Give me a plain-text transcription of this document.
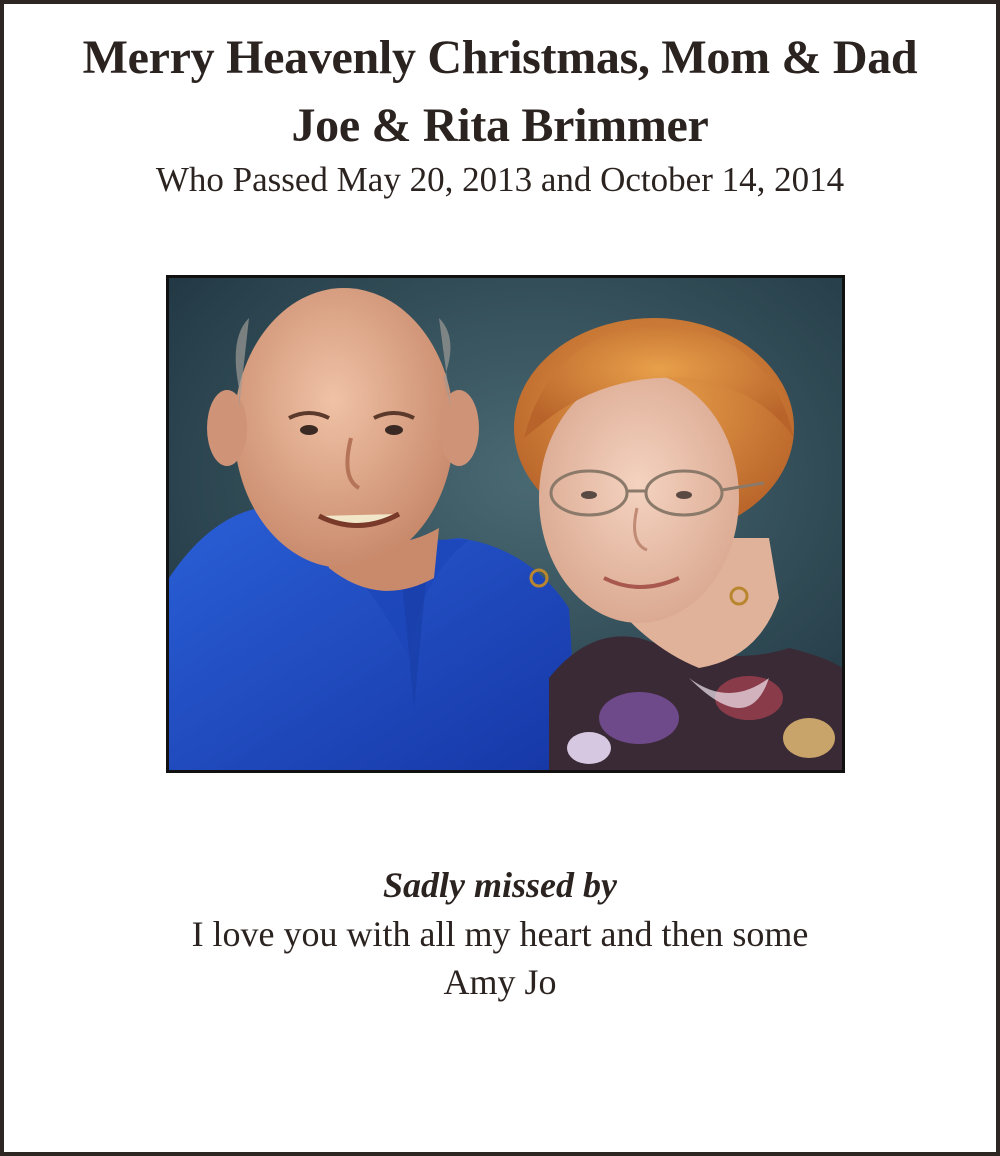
Merry Heavenly Christmas, Mom & Dad
Joe & Rita Brimmer
Who Passed May 20, 2013 and October 14, 2014
Sadly missed by
I love you with all my heart and then some
Amy Jo
